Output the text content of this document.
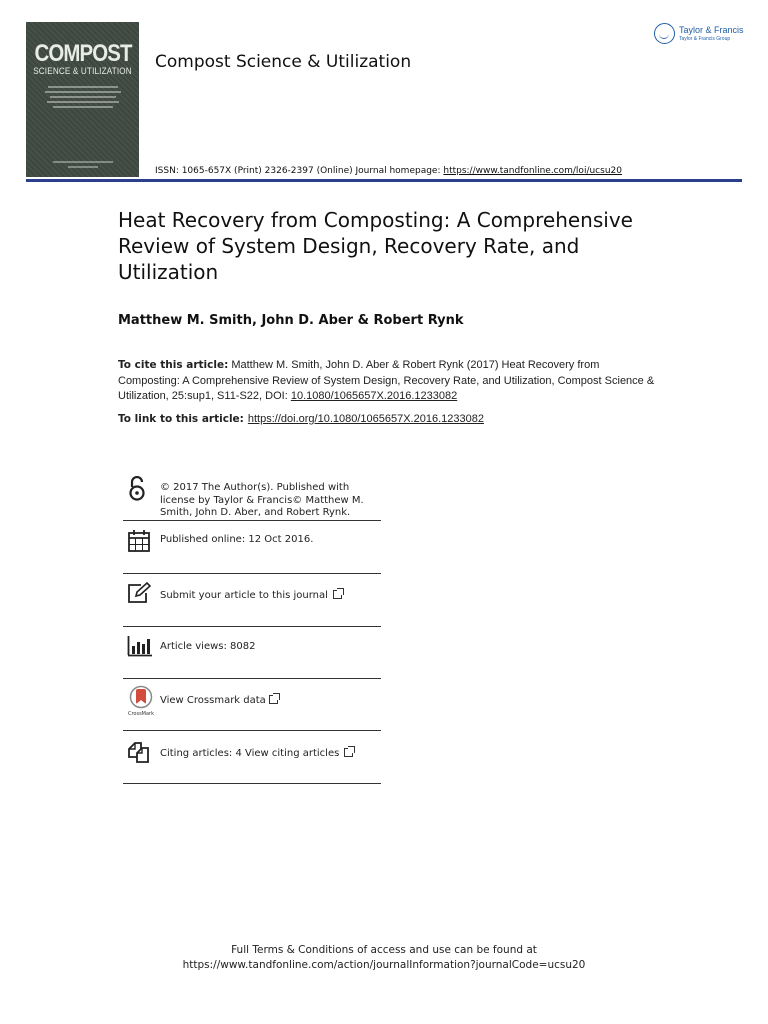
COMPOST
SCIENCE & UTILIZATION Compost Science & Utilization
ISSN: 1065-657X (Print) 2326-2397 (Online) Journal homepage: https://www.tandfonline.com/loi/ucsu20
Taylor & Francis
Taylor & Francis Group
Heat Recovery from Composting: A Comprehensive Review of System Design, Recovery Rate, and Utilization
Matthew M. Smith, John D. Aber & Robert Rynk
To cite this article: Matthew M. Smith, John D. Aber & Robert Rynk (2017) Heat Recovery from Composting: A Comprehensive Review of System Design, Recovery Rate, and Utilization, Compost Science & Utilization, 25:sup1, S11-S22, DOI: 10.1080/1065657X.2016.1233082
To link to this article: https://doi.org/10.1080/1065657X.2016.1233082
© 2017 The Author(s). Published with license by Taylor & Francis© Matthew M. Smith, John D. Aber, and Robert Rynk.
Published online: 12 Oct 2016.
Submit your article to this journal
Article views: 8082
CrossMark
View Crossmark data
Citing articles: 4 View citing articles
Full Terms & Conditions of access and use can be found at
https://www.tandfonline.com/action/journalInformation?journalCode=ucsu20
